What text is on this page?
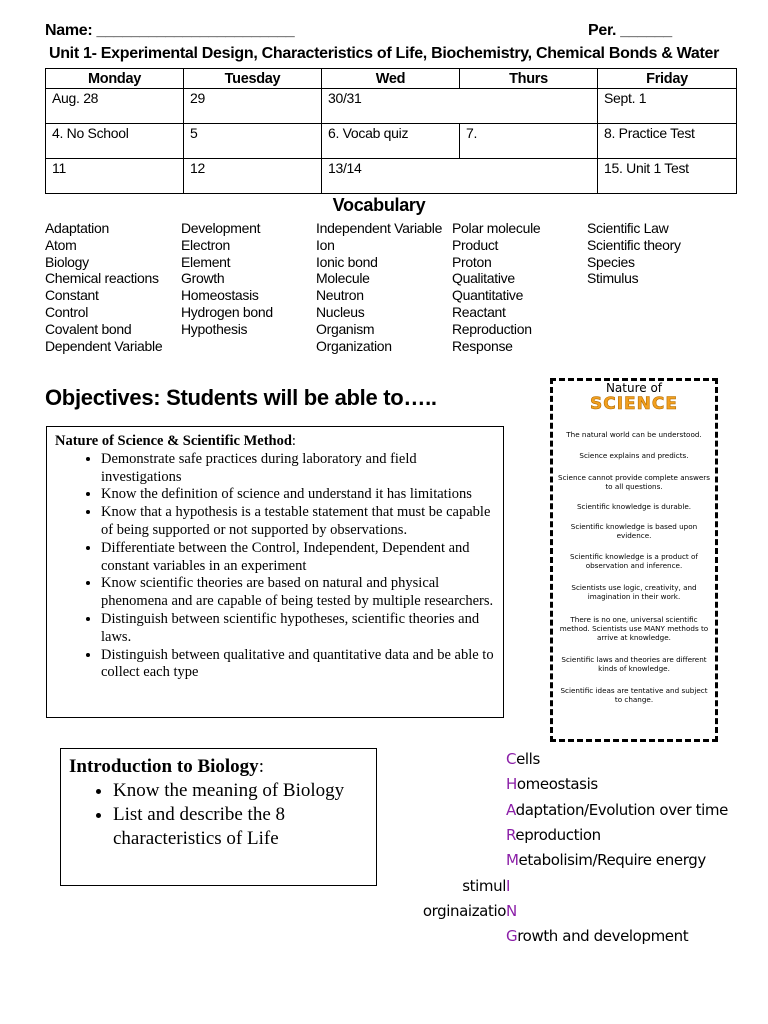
Name: _______________________	Per. ______
Unit 1- Experimental Design, Characteristics of Life, Biochemistry, Chemical Bonds & Water
Monday	Tuesday	Wed	Thurs	Friday
Aug. 28	29	30/31		Sept. 1
4. No School	5	6. Vocab quiz	7.	8. Practice Test
11	12	13/14		15. Unit 1 Test
Vocabulary
Adaptation
Atom
Biology
Chemical reactions
Constant
Control
Covalent bond
Dependent Variable
Development
Electron
Element
Growth
Homeostasis
Hydrogen bond
Hypothesis
Independent Variable
Ion
Ionic bond
Molecule
Neutron
Nucleus
Organism
Organization
Polar molecule
Product
Proton
Qualitative
Quantitative
Reactant
Reproduction
Response
Scientific Law
Scientific theory
Species
Stimulus
Objectives: Students will be able to…..
Nature of Science & Scientific Method:
• Demonstrate safe practices during laboratory and field investigations
• Know the definition of science and understand it has limitations
• Know that a hypothesis is a testable statement that must be capable of being supported or not supported by observations.
• Differentiate between the Control, Independent, Dependent and constant variables in an experiment
• Know scientific theories are based on natural and physical phenomena and are capable of being tested by multiple researchers.
• Distinguish between scientific hypotheses, scientific theories and laws.
• Distinguish between qualitative and quantitative data and be able to collect each type
Nature of
SCIENCE
The natural world can be understood.
Science explains and predicts.
Science cannot provide complete answers to all questions.
Scientific knowledge is durable.
Scientific knowledge is based upon evidence.
Scientific knowledge is a product of observation and inference.
Scientists use logic, creativity, and imagination in their work.
There is no one, universal scientific method. Scientists use MANY methods to arrive at knowledge.
Scientific laws and theories are different kinds of knowledge.
Scientific ideas are tentative and subject to change.
Introduction to Biology:
• Know the meaning of Biology
• List and describe the 8 characteristics of Life
Cells
Homeostasis
Adaptation/Evolution over time
Reproduction
Metabolisim/Require energy
stimulI
orginaizatioN
Growth and development
